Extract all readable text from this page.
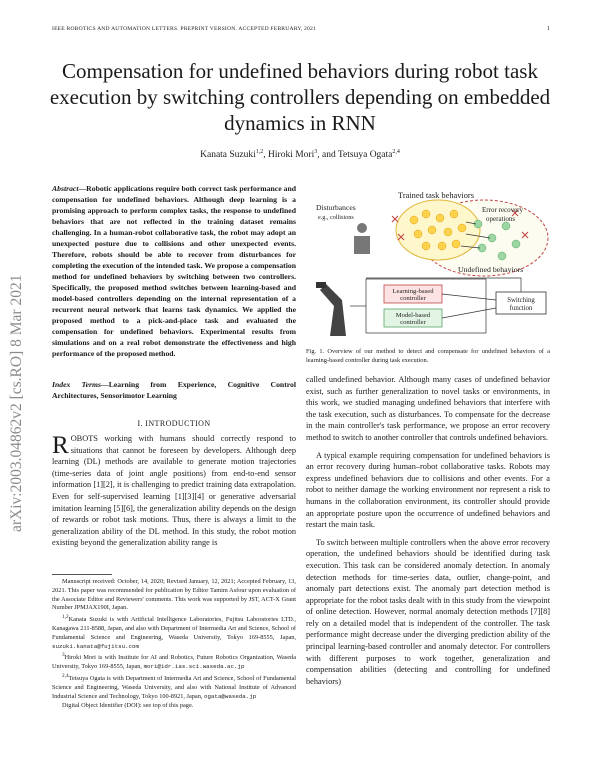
IEEE ROBOTICS AND AUTOMATION LETTERS. PREPRINT VERSION. ACCEPTED FEBRUARY, 2021	1
arXiv:2003.04862v2 [cs.RO] 8 Mar 2021
Compensation for undefined behaviors during robot task execution by switching controllers depending on embedded dynamics in RNN
Kanata Suzuki$^{1,2}$, Hiroki Mori$^3$, and Tetsuya Ogata$^{2,4}$
Abstract—Robotic applications require both correct task performance and compensation for undefined behaviors. Although deep learning is a promising approach to perform complex tasks, the response to undefined behaviors that are not reflected in the training dataset remains challenging. In a human-robot collaborative task, the robot may adopt an unexpected posture due to collisions and other unexpected events. Therefore, robots should be able to recover from disturbances for completing the execution of the intended task. We propose a compensation method for undefined behaviors by switching between two controllers. Specifically, the proposed method switches between learning-based and model-based controllers depending on the internal representation of a recurrent neural network that learns task dynamics. We applied the proposed method to a pick-and-place task and evaluated the compensation for undefined behaviors. Experimental results from simulations and on a real robot demonstrate the effectiveness and high performance of the proposed method.
Index Terms—Learning from Experience, Cognitive Control Architectures, Sensorimotor Learning
I. INTRODUCTION
ROBOTS working with humans should correctly respond to situations that cannot be foreseen by developers. Although deep learning (DL) methods are available to generate motion trajectories (time-series data of joint angle positions) from end-to-end sensor information [1][2], it is challenging to predict training data extrapolation. Even for self-supervised learning [1][3][4] or generative adversarial imitation learning [5][6], the generalization ability depends on the design of rewards or robot task motions. Thus, there is always a limit to the generalization ability of the DL method. In this study, the robot motion existing beyond the generalization ability range is

Manuscript received: October, 14, 2020; Revised January, 12, 2021; Accepted February, 13, 2021. This paper was recommended for publication by Editor Tamim Asfour upon evaluation of the Associate Editor and Reviewers' comments. This work was supported by JST, ACT-X Grant Number JPMJAX190I, Japan.

$^{1,2}$Kanata Suzuki is with Artificial Intelligence Laboratories, Fujitsu Laboratories LTD., Kanagawa 211-8588, Japan, and also with Department of Intermedia Art and Science, School of Fundamental Science and Engineering, Waseda University, Tokyo 169-8555, Japan, suzuki.kanata@fujitsu.com

$^3$Hiroki Mori is with Institute for AI and Robotics, Future Robotics Organization, Waseda University, Tokyo 169-8555, Japan, mori@idr.ias.sci.waseda.ac.jp

$^{2,4}$Tetsuya Ogata is with Department of Intermedia Art and Science, School of Fundamental Science and Engineering, Waseda University, and also with National Institute of Advanced Industrial Science and Technology, Tokyo 100-8921, Japan, ogata@waseda.jp

Digital Object Identifier (DOI): see top of this page.

Disturbances
e.g., collisions
Trained task behaviors
Error recovery
operations
Undefined behaviors
Learning-based
controller
Model-based
controller
Switching
function
Fig. 1. Overview of our method to detect and compensate for undefined behaviors of a learning-based controller during task execution.

called undefined behavior. Although many cases of undefined behavior exist, such as further generalization to novel tasks or environments, in this work, we studied managing undefined behaviors that interfere with the task execution, such as disturbances. To compensate for the decrease in the main controller's task performance, we propose an error recovery method to switch to another controller that controls undefined behaviors.

A typical example requiring compensation for undefined behaviors is an error recovery during human–robot collaborative tasks. Robots may express undefined behaviors due to collisions and other events. For a robot to neither damage the working environment nor represent a risk to humans in the collaboration environment, its controller should provide an appropriate posture upon the occurrence of undefined behaviors and restart the main task.

To switch between multiple controllers when the above error recovery operation, the undefined behaviors should be identified during task execution. This task can be considered anomaly detection. In anomaly detection methods for time-series data, outlier, change-point, and anomaly part detections exist. The anomaly part detection method is appropriate for the robot tasks dealt with in this study from the viewpoint of online detection. However, normal anomaly detection methods [7][8] rely on a detailed model that is independent of the controller. The task performance might decrease under the diverging prediction ability of the principal learning-based controller and anomaly detector. For controllers with different purposes to work together, generalization and compensation abilities (detecting and controlling for undefined behaviors)
